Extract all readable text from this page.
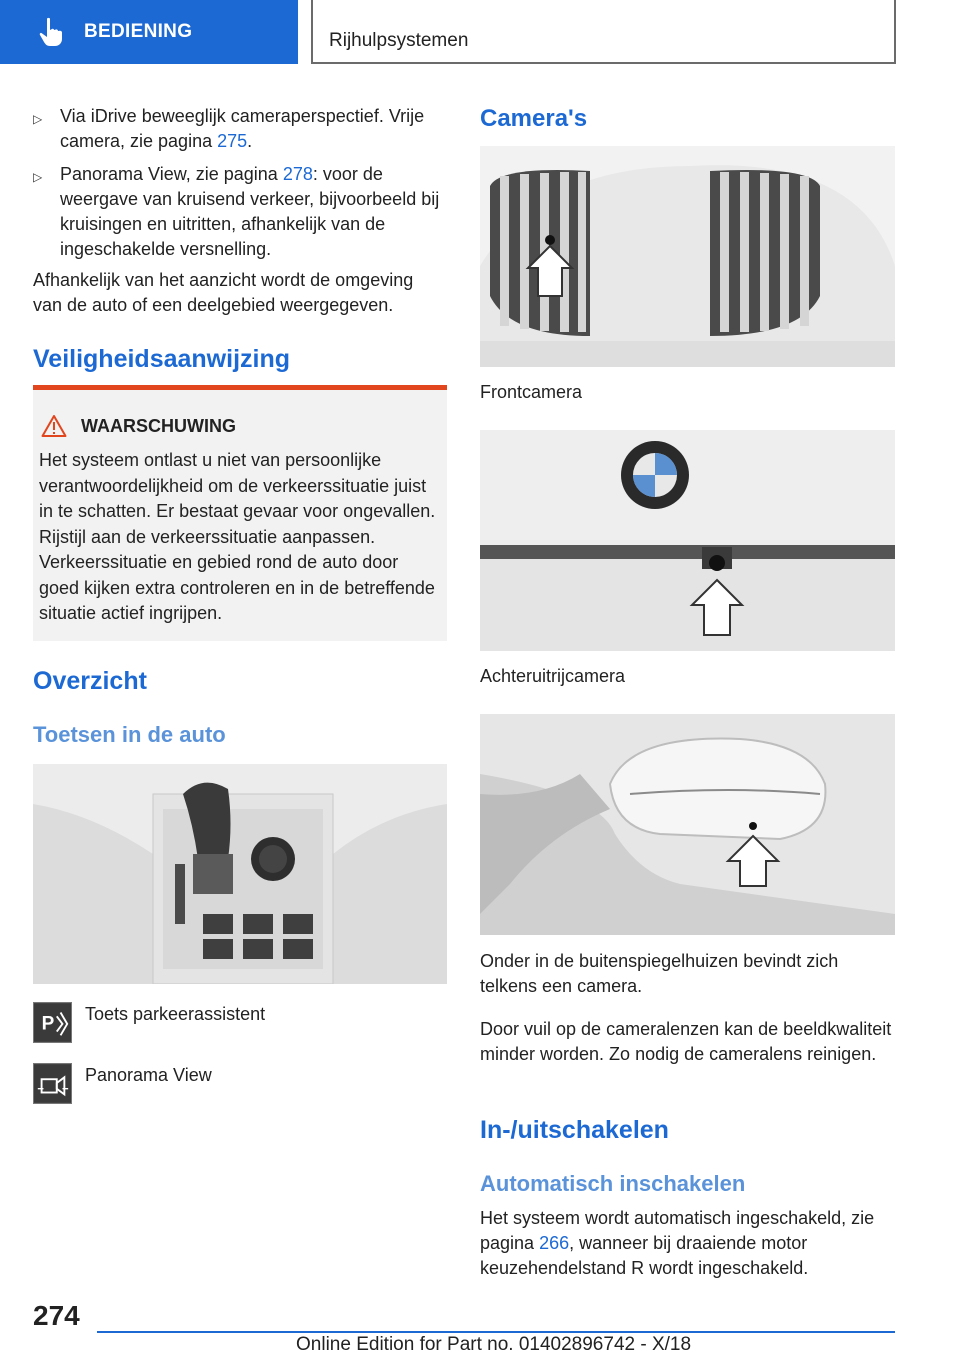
BEDIENING	Rijhulpsystemen
▷ Via iDrive beweeglijk cameraperspectief. Vrije camera, zie pagina 275.
▷ Panorama View, zie pagina 278: voor de weergave van kruisend verkeer, bijvoorbeeld bij kruisingen en uitritten, afhankelijk van de ingeschakelde versnelling.
Afhankelijk van het aanzicht wordt de omgeving van de auto of een deelgebied weergegeven.
Veiligheidsaanwijzing
WAARSCHUWING
Het systeem ontlast u niet van persoonlijke verantwoordelijkheid om de verkeerssituatie juist in te schatten. Er bestaat gevaar voor ongevallen. Rijstijl aan de verkeerssituatie aanpassen. Verkeerssituatie en gebied rond de auto door goed kijken extra controleren en in de betreffende situatie actief ingrijpen.
Overzicht
Toetsen in de auto
P Toets parkeerassistent
Panorama View
Camera's
Frontcamera
Achteruitrijcamera
Onder in de buitenspiegelhuizen bevindt zich telkens een camera.
Door vuil op de cameralenzen kan de beeldkwaliteit minder worden. Zo nodig de cameralens reinigen.
In-/uitschakelen
Automatisch inschakelen
Het systeem wordt automatisch ingeschakeld, zie pagina 266, wanneer bij draaiende motor keuzehendelstand R wordt ingeschakeld.
274
Online Edition for Part no. 01402896742 - X/18
